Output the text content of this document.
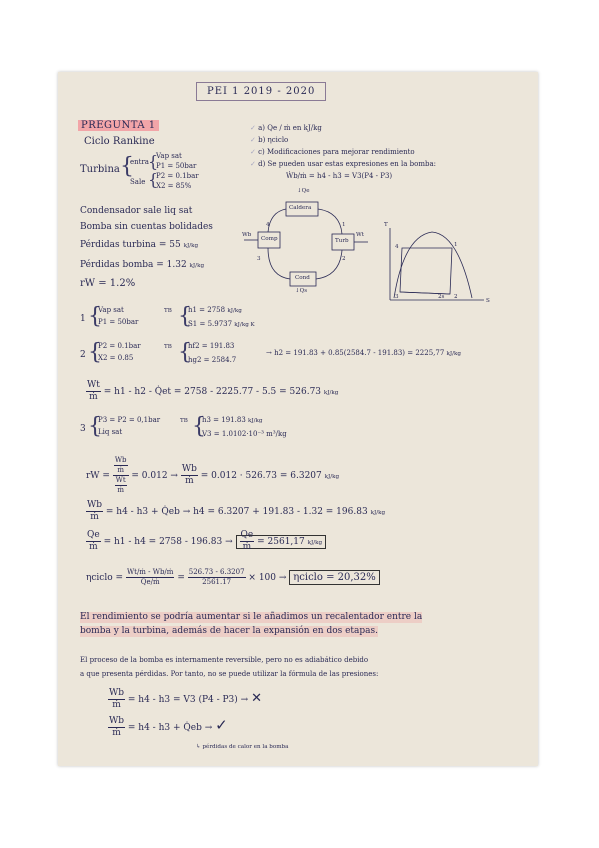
PEI 1 2019 - 2020
PREGUNTA 1
Ciclo Rankine
Turbina {
entra {
Vap sat
P1 = 50bar
Sale {
P2 = 0.1bar
X2 = 85%
Condensador sale liq sat
Bomba sin cuentas bolidades
Pérdidas turbina = 55 kJ/kg
Pérdidas bomba = 1.32 kJ/kg
rW = 1.2%
✓ a) Qe / ṁ en kJ/kg
✓ b) ηciclo
✓ c) Modificaciones para mejorar rendimiento
✓ d) Se pueden usar estas expresiones en la bomba:
Ẇb/ṁ = h4 - h3 = V3(P4 - P3)
↓Qe
Caldera
Turb
Cond
↓Qs
Comp
Wt
Wb
1
2
3
4	T
S
1
2
3
4
2s
1 {
Vap sat
P1 = 50bar
TB {
h1 = 2758 kJ/kg
S1 = 5.9737 kJ/kg K
2 {
P2 = 0.1bar
X2 = 0.85
TB {
hf2 = 191.83
hg2 = 2584.7
→ h2 = 191.83 + 0.85(2584.7 - 191.83) = 2225,77 kJ/kg
$\frac{Wt}{\text{ṁ}} = h1 - h2$ - Q̇et = 2758 - 2225.77 - 5.5 = 526.73 kJ/kg
3 {
P3 = P2 = 0,1bar
Liq sat
TB {
h3 = 191.83 kJ/kg
V3 = 1.0102·10⁻³ m³/kg
rW = $\frac{\frac{Wb}{\text{ṁ}}}{\frac{Wt}{\text{ṁ}}} = 0.012 \to \frac{Wb}{\text{ṁ}} = 0.012 \cdot 526.73 = 6.3207$ kJ/kg
$\frac{Wb}{\text{ṁ}} = h4 - h3$ + Q̇eb → h4 = 6.3207 + 191.83 - 1.32 = 196.83 kJ/kg
$\frac{Qe}{\text{ṁ}} = h1 - h4 = 2758 - 196.83 \to \frac{Qe}{\text{ṁ}} = 2561,17$ kJ/kg
ηciclo = $\frac{\text{Wt/ṁ - Wb/ṁ}}{\text{Qe/ṁ}} = \frac{526.73 - 6.3207}{2561.17} \times 100$ → ηciclo = 20,32%
El rendimiento se podría aumentar si le añadimos un recalentador entre la
bomba y la turbina, además de hacer la expansión en dos etapas.
El proceso de la bomba es internamente reversible, pero no es adiabático debido
a que presenta pérdidas. Por tanto, no se puede utilizar la fórmula de las presiones:
$\frac{Wb}{\text{ṁ}} = h4 - h3 = V3$ (P4 - P3) → ✕
$\frac{Wb}{\text{ṁ}} = h4 - h3$ + Q̇eb → ✓
↳ pérdidas de calor en la bomba
